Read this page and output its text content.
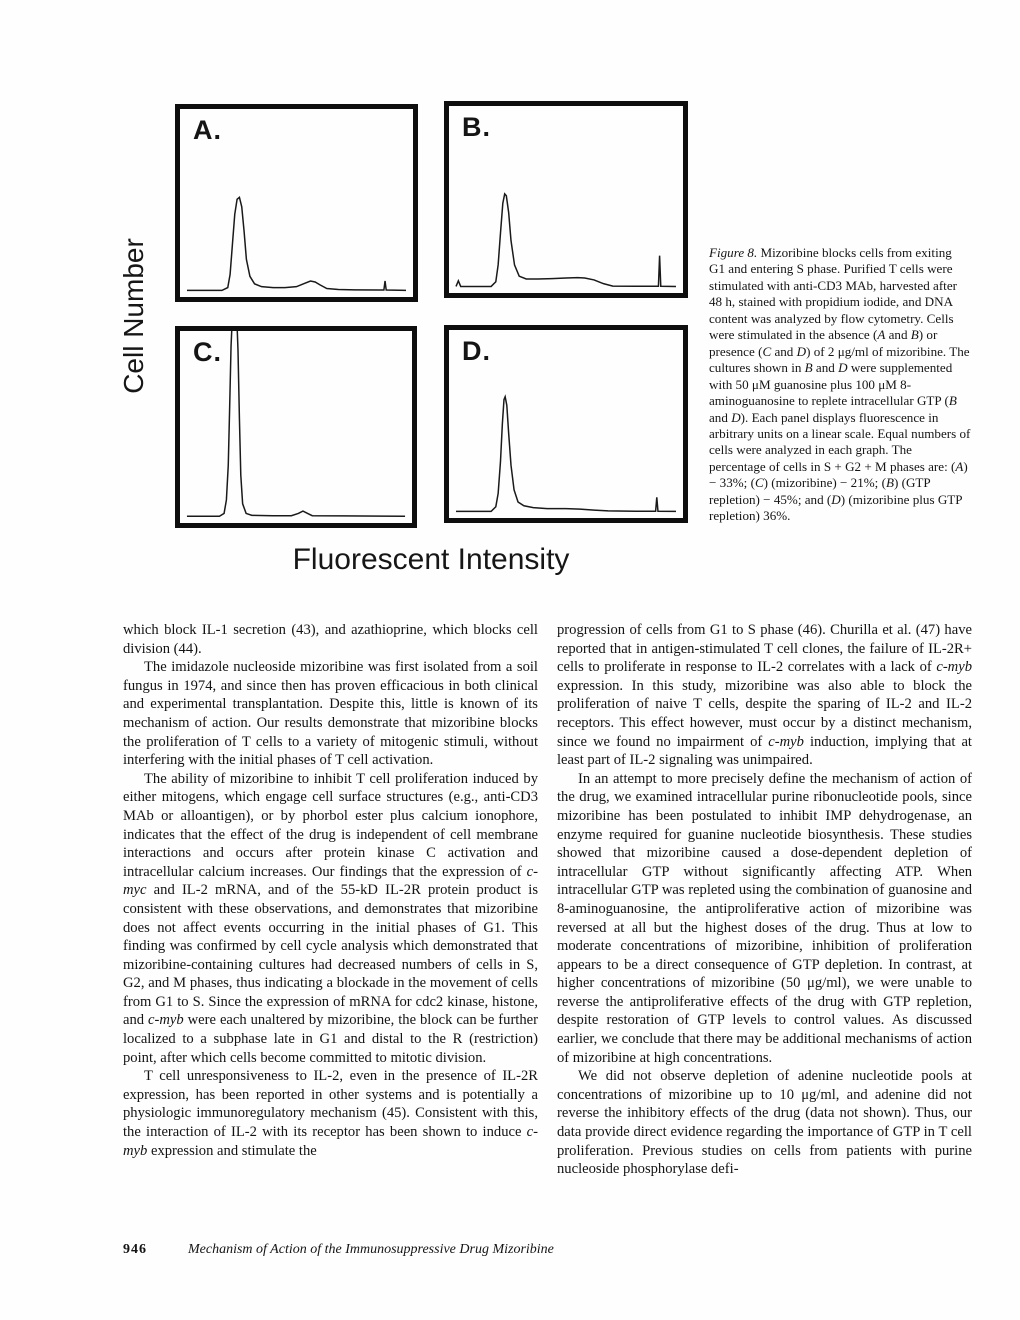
A.	B.
C.	D.
Cell Number
Fluorescent Intensity
Figure 8. Mizoribine blocks cells from exiting G1 and entering S phase. Purified T cells were stimulated with anti-CD3 MAb, harvested after 48 h, stained with propidium iodide, and DNA content was analyzed by flow cytometry. Cells were stimulated in the absence (A and B) or presence (C and D) of 2 μg/ml of mizoribine. The cultures shown in B and D were supplemented with 50 μM guanosine plus 100 μM 8-aminoguanosine to replete intracellular GTP (B and D). Each panel displays fluorescence in arbitrary units on a linear scale. Equal numbers of cells were analyzed in each graph. The percentage of cells in S + G2 + M phases are: (A) − 33%; (C) (mizoribine) − 21%; (B) (GTP repletion) − 45%; and (D) (mizoribine plus GTP repletion) 36%.

which block IL-1 secretion (43), and azathioprine, which blocks cell division (44).

The imidazole nucleoside mizoribine was first isolated from a soil fungus in 1974, and since then has proven efficacious in both clinical and experimental transplantation. Despite this, little is known of its mechanism of action. Our results demonstrate that mizoribine blocks the proliferation of T cells to a variety of mitogenic stimuli, without interfering with the initial phases of T cell activation.

The ability of mizoribine to inhibit T cell proliferation induced by either mitogens, which engage cell surface structures (e.g., anti-CD3 MAb or alloantigen), or by phorbol ester plus calcium ionophore, indicates that the effect of the drug is independent of cell membrane interactions and occurs after protein kinase C activation and intracellular calcium increases. Our findings that the expression of c-myc and IL-2 mRNA, and of the 55-kD IL-2R protein product is consistent with these observations, and demonstrates that mizoribine does not affect events occurring in the initial phases of G1. This finding was confirmed by cell cycle analysis which demonstrated that mizoribine-containing cultures had decreased numbers of cells in S, G2, and M phases, thus indicating a blockade in the movement of cells from G1 to S. Since the expression of mRNA for cdc2 kinase, histone, and c-myb were each unaltered by mizoribine, the block can be further localized to a subphase late in G1 and distal to the R (restriction) point, after which cells become committed to mitotic division.

T cell unresponsiveness to IL-2, even in the presence of IL-2R expression, has been reported in other systems and is potentially a physiologic immunoregulatory mechanism (45). Consistent with this, the interaction of IL-2 with its receptor has been shown to induce c-myb expression and stimulate the

progression of cells from G1 to S phase (46). Churilla et al. (47) have reported that in antigen-stimulated T cell clones, the failure of IL-2R+ cells to proliferate in response to IL-2 correlates with a lack of c-myb expression. In this study, mizoribine was also able to block the proliferation of naive T cells, despite the sparing of IL-2 and IL-2 receptors. This effect however, must occur by a distinct mechanism, since we found no impairment of c-myb induction, implying that at least part of IL-2 signaling was unimpaired.

In an attempt to more precisely define the mechanism of action of the drug, we examined intracellular purine ribonucleotide pools, since mizoribine has been postulated to inhibit IMP dehydrogenase, an enzyme required for guanine nucleotide biosynthesis. These studies showed that mizoribine caused a dose-dependent depletion of intracellular GTP without significantly affecting ATP. When intracellular GTP was repleted using the combination of guanosine and 8-aminoguanosine, the antiproliferative action of mizoribine was reversed at all but the highest doses of the drug. Thus at low to moderate concentrations of mizoribine, inhibition of proliferation appears to be a direct consequence of GTP depletion. In contrast, at higher concentrations of mizoribine (50 μg/ml), we were unable to reverse the antiproliferative effects of the drug with GTP repletion, despite restoration of GTP levels to control values. As discussed earlier, we conclude that there may be additional mechanisms of action of mizoribine at high concentrations.

We did not observe depletion of adenine nucleotide pools at concentrations of mizoribine up to 10 μg/ml, and adenine did not reverse the inhibitory effects of the drug (data not shown). Thus, our data provide direct evidence regarding the importance of GTP in T cell proliferation. Previous studies on cells from patients with purine nucleoside phosphorylase defi-

946	Mechanism of Action of the Immunosuppressive Drug Mizoribine
